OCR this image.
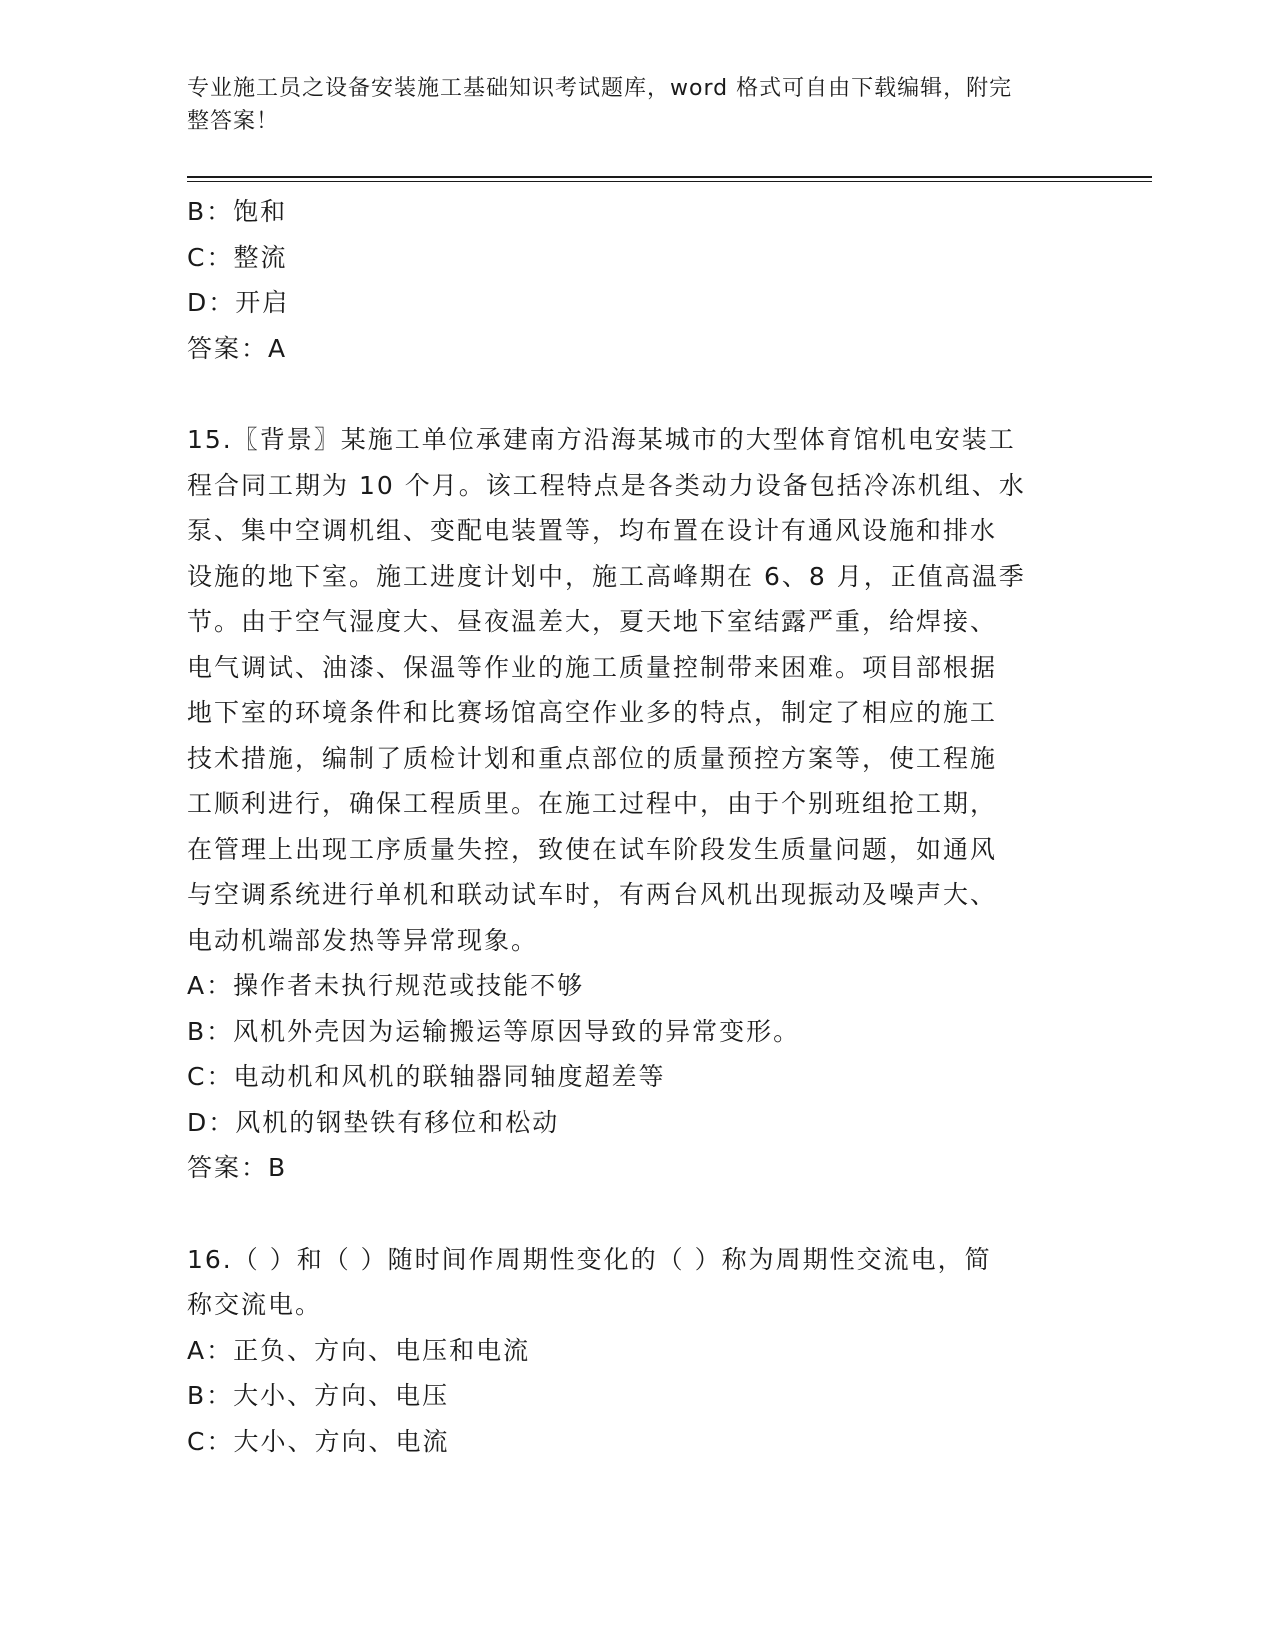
专业施工员之设备安装施工基础知识考试题库，word 格式可自由下载编辑，附完
整答案！
B：饱和
C：整流
D：开启
答案：A
15.〖背景〗某施工单位承建南方沿海某城市的大型体育馆机电安装工
程合同工期为 10 个月。该工程特点是各类动力设备包括冷冻机组、水
泵、集中空调机组、变配电装置等，均布置在设计有通风设施和排水
设施的地下室。施工进度计划中，施工高峰期在 6、8 月，正值高温季
节。由于空气湿度大、昼夜温差大，夏天地下室结露严重，给焊接、
电气调试、油漆、保温等作业的施工质量控制带来困难。项目部根据
地下室的环境条件和比赛场馆高空作业多的特点，制定了相应的施工
技术措施，编制了质检计划和重点部位的质量预控方案等，使工程施
工顺利进行，确保工程质里。在施工过程中，由于个别班组抢工期，
在管理上出现工序质量失控，致使在试车阶段发生质量问题，如通风
与空调系统进行单机和联动试车时，有两台风机出现振动及噪声大、
电动机端部发热等异常现象。
A：操作者未执行规范或技能不够
B：风机外壳因为运输搬运等原因导致的异常变形。
C：电动机和风机的联轴器同轴度超差等
D：风机的钢垫铁有移位和松动
答案：B
16.（ ）和（ ）随时间作周期性变化的（ ）称为周期性交流电，简
称交流电。
A：正负、方向、电压和电流
B：大小、方向、电压
C：大小、方向、电流
